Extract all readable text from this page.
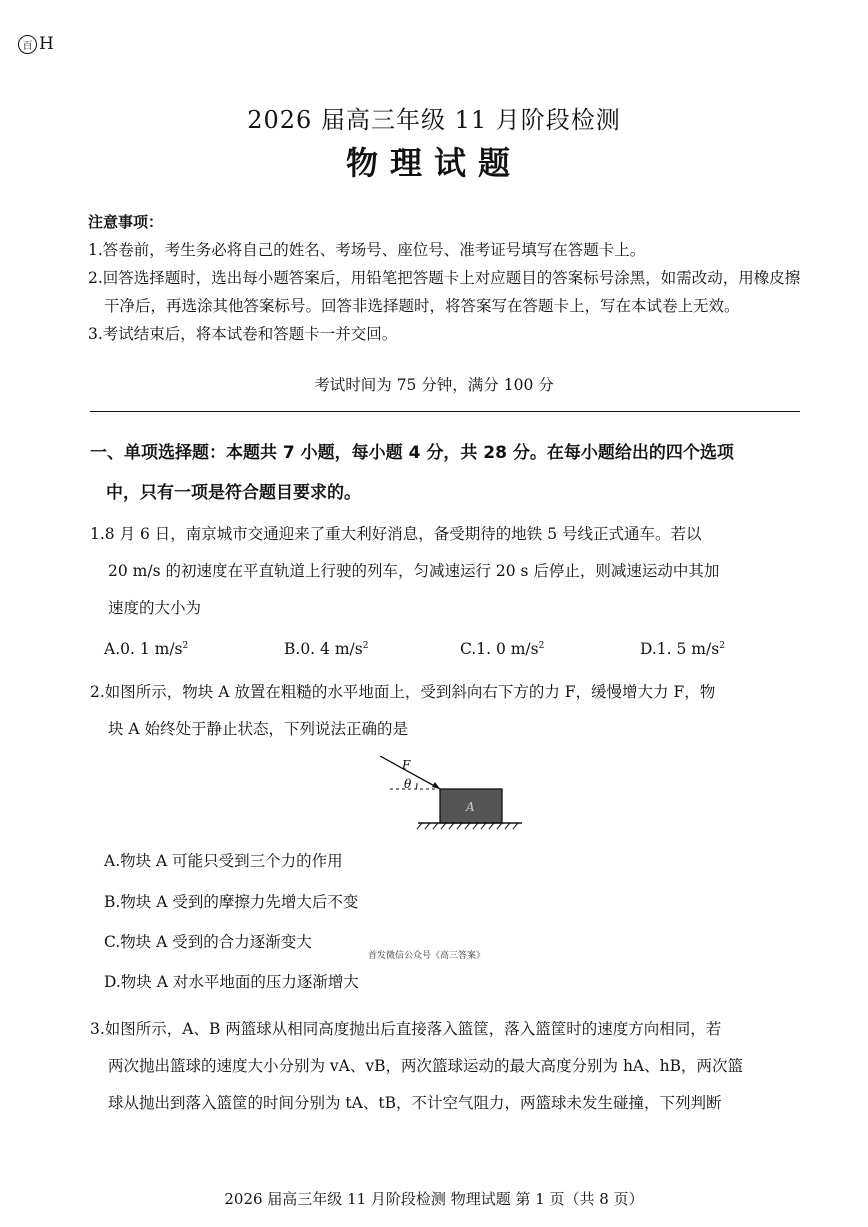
百 H
2026 届高三年级 11 月阶段检测
物理试题

注意事项：

1.答卷前，考生务必将自己的姓名、考场号、座位号、准考证号填写在答题卡上。

2.回答选择题时，选出每小题答案后，用铅笔把答题卡上对应题目的答案标号涂黑，如需改动，用橡皮擦干净后，再选涂其他答案标号。回答非选择题时，将答案写在答题卡上，写在本试卷上无效。

3.考试结束后，将本试卷和答题卡一并交回。

考试时间为 75 分钟，满分 100 分
一、单项选择题：本题共 7 小题，每小题 4 分，共 28 分。在每小题给出的四个选项
中，只有一项是符合题目要求的。
1.8 月 6 日，南京城市交通迎来了重大利好消息，备受期待的地铁 5 号线正式通车。若以
20 m/s 的初速度在平直轨道上行驶的列车，匀减速运行 20 s 后停止，则减速运动中其加
速度的大小为
A.0. 1 $m/s^2$	B.0. 4 $m/s^2$	C.1. 0 $m/s^2$	D.1. 5 $m/s^2$
2.如图所示，物块 A 放置在粗糙的水平地面上，受到斜向右下方的力 F，缓慢增大力 F，物
块 A 始终处于静止状态，下列说法正确的是
F
θ
A
A.物块 A 可能只受到三个力的作用
B.物块 A 受到的摩擦力先增大后不变
C.物块 A 受到的合力逐渐变大
首发微信公众号《高三答案》
D.物块 A 对水平地面的压力逐渐增大
3.如图所示，A、B 两篮球从相同高度抛出后直接落入篮筐，落入篮筐时的速度方向相同，若
两次抛出篮球的速度大小分别为 vA、vB，两次篮球运动的最大高度分别为 hA、hB，两次篮
球从抛出到落入篮筐的时间分别为 tA、tB，不计空气阻力，两篮球未发生碰撞，下列判断
2026 届高三年级 11 月阶段检测 物理试题 第 1 页（共 8 页）
